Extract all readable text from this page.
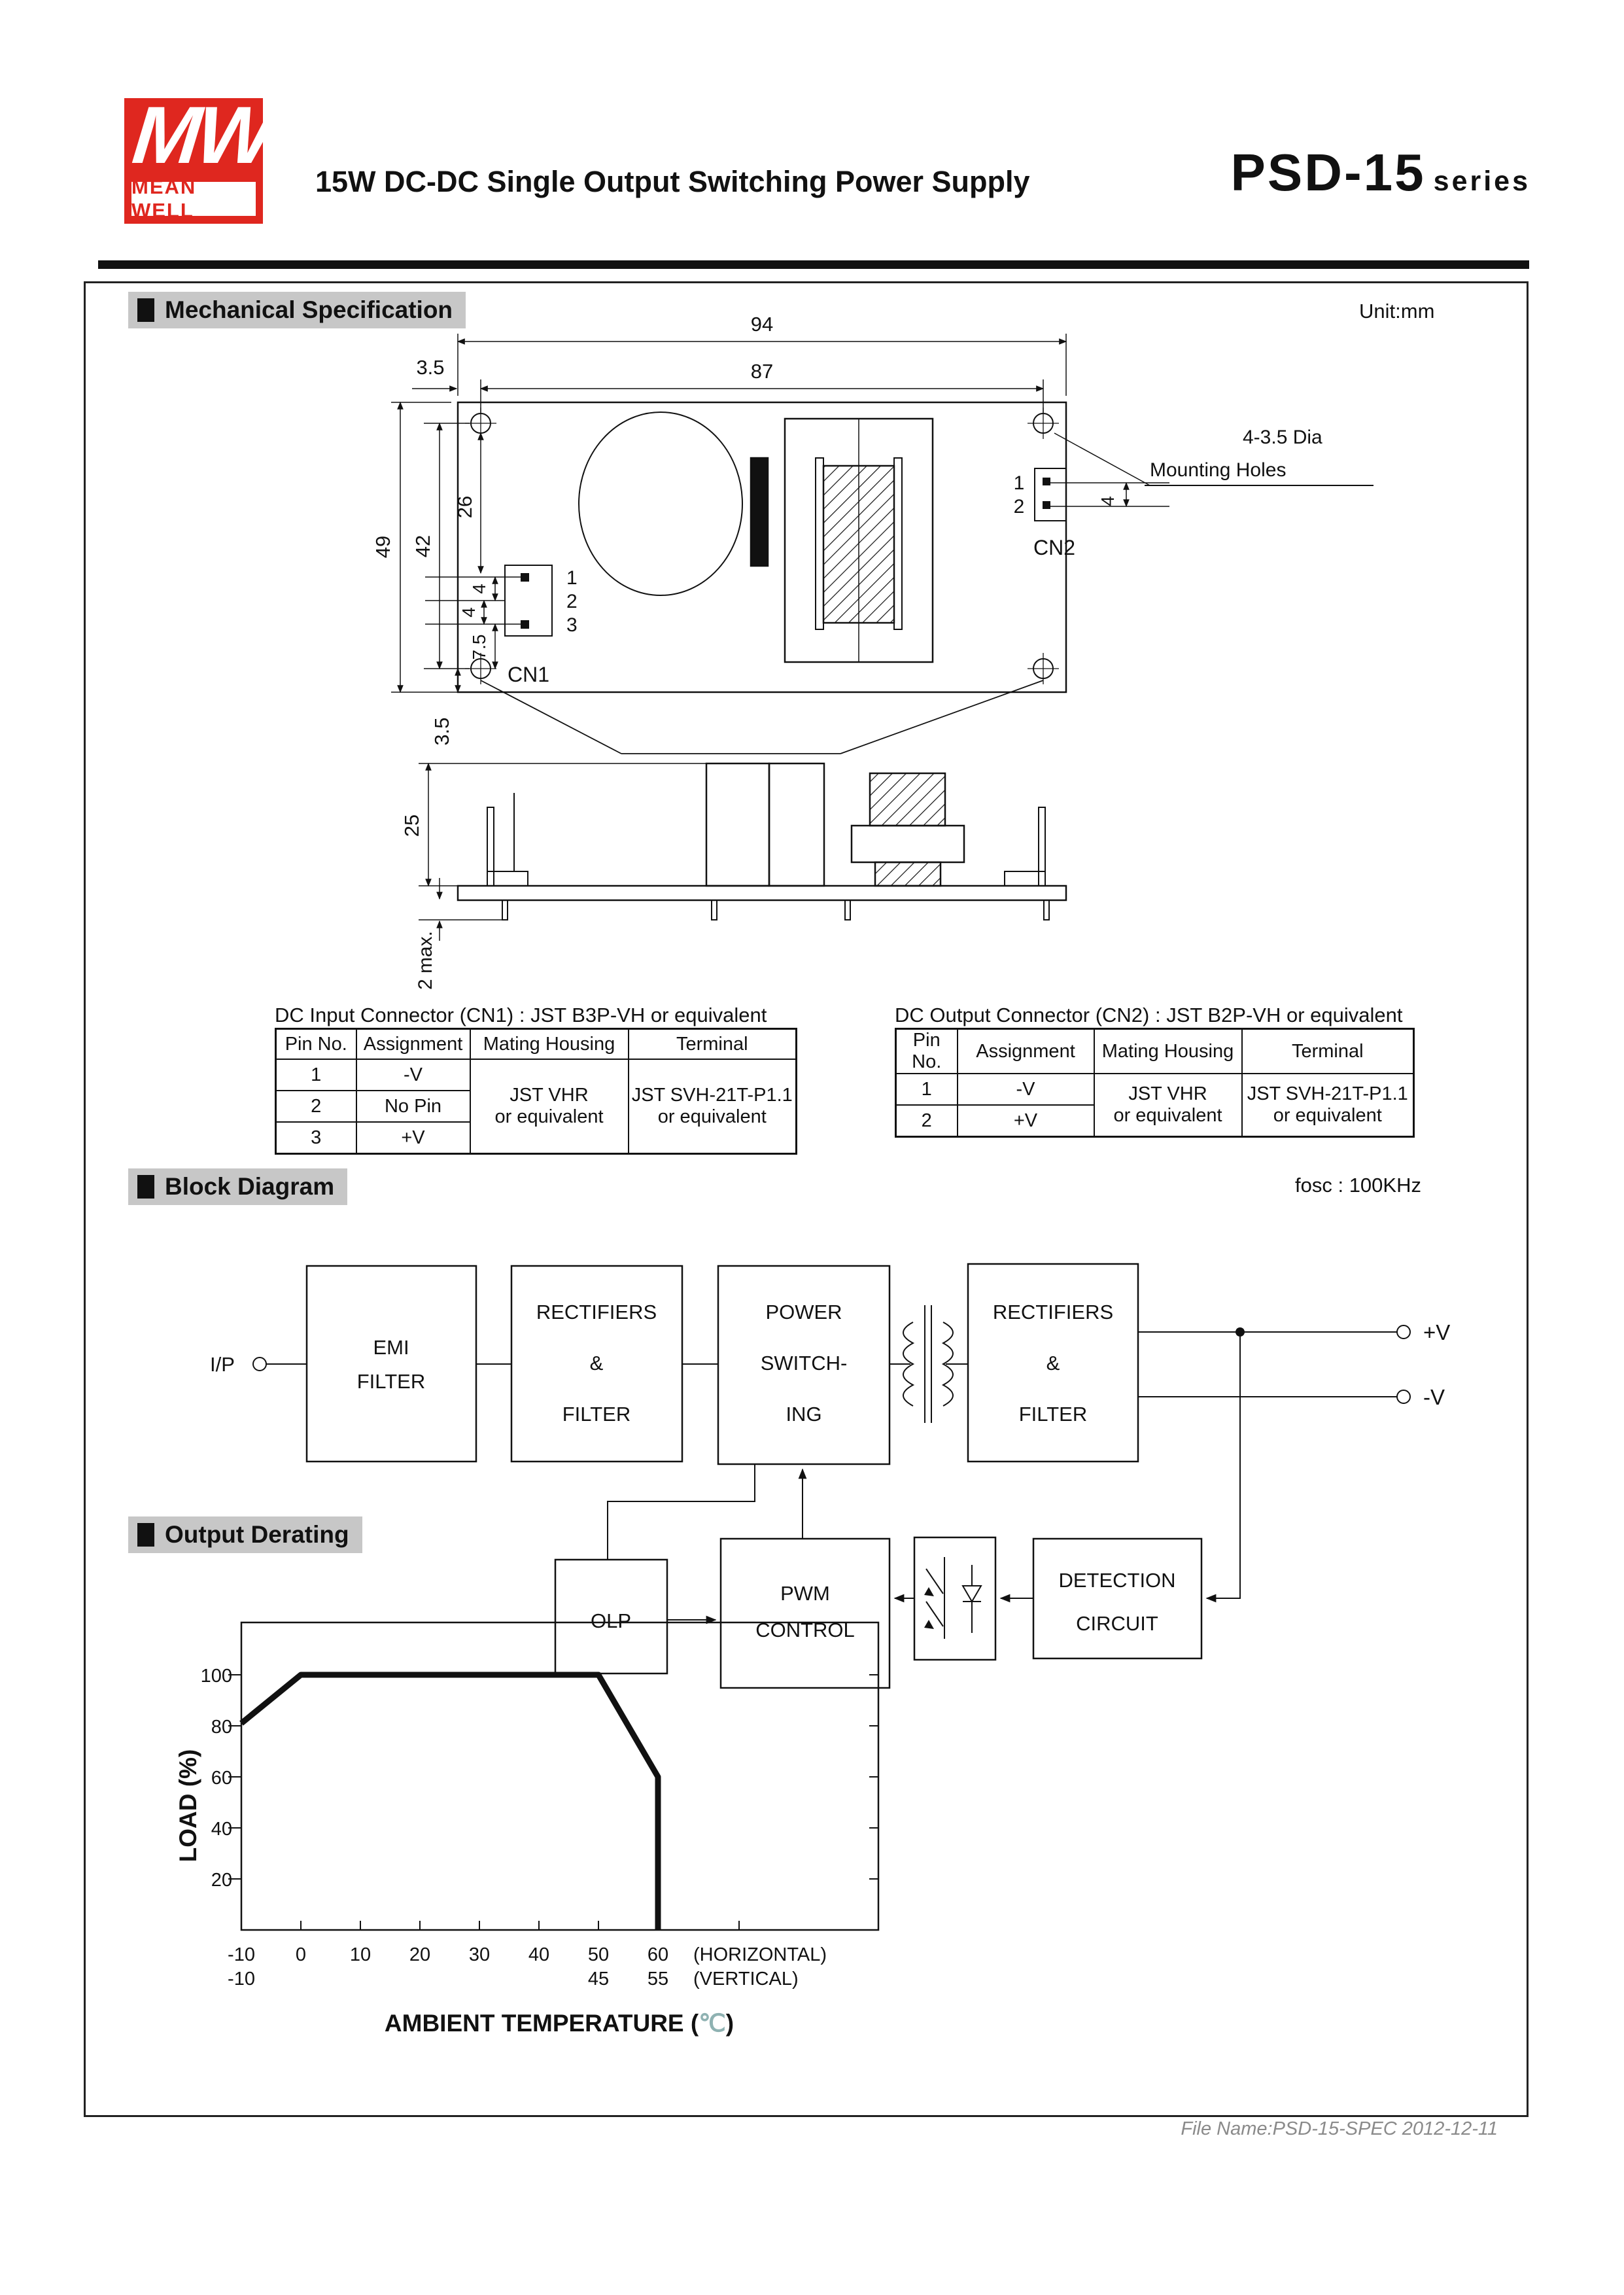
MW
MEAN WELL
15W DC-DC Single Output Switching Power Supply	PSD-15 series
Mechanical Specification	Unit:mm
Block Diagram	fosc : 100KHz
Output Derating
DC Input Connector (CN1) : JST B3P-VH or equivalent
Pin No.	Assignment	Mating Housing	Terminal
1	-V	
JST VHR
or equivalent

JST SVH-21T-P1.1
or equivalent

2	No Pin		
3	+V		
DC Output Connector (CN2) : JST B2P-VH or equivalent
Pin No.	Assignment	Mating Housing	Terminal
1	-V	JST VHR
or equivalent

JST SVH-21T-P1.1
or equivalent

2	+V		
94
87
3.5
49 42
26
4
4
7.5
3.5
4
1
2
3
CN1
1
2
CN2
4-3.5 Dia
Mounting Holes
25
2 max.
I/P
EMI
FILTER
RECTIFIERS
&
FILTER
POWER
SWITCH-
ING
RECTIFIERS
&
FILTER
OLP
PWM
CONTROL
DETECTION
CIRCUIT
+V
-V
100
80
60
40
20
-10 0 10 20 30 40 50 60 (HORIZONTAL)
-10	45 55 (VERTICAL)
LOAD (%)
AMBIENT TEMPERATURE (℃)
File Name:PSD-15-SPEC 2012-12-11
